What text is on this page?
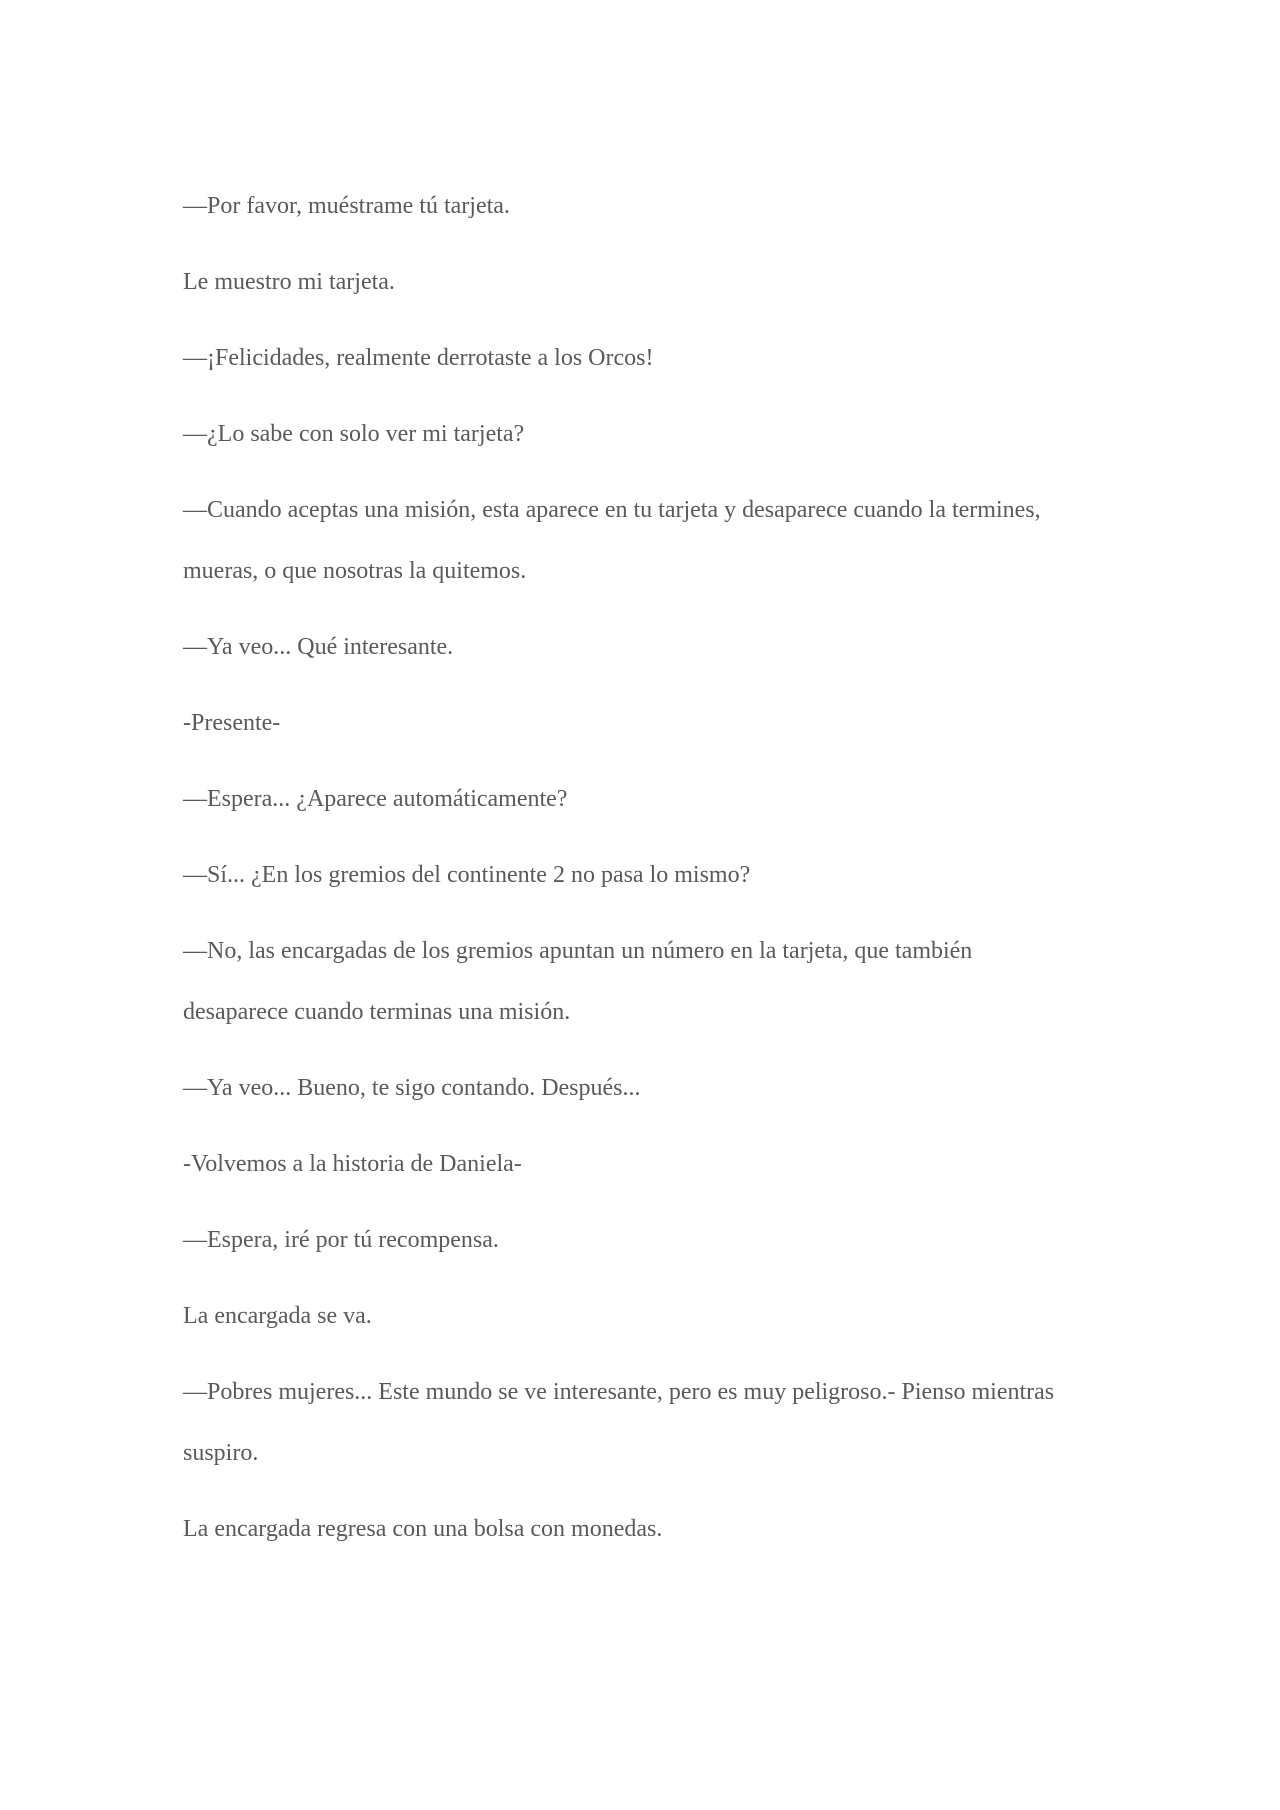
—Por favor, muéstrame tú tarjeta.

Le muestro mi tarjeta.

—¡Felicidades, realmente derrotaste a los Orcos!

—¿Lo sabe con solo ver mi tarjeta?

—Cuando aceptas una misión, esta aparece en tu tarjeta y desaparece cuando la termines, mueras, o que nosotras la quitemos.

—Ya veo... Qué interesante.

-Presente-

—Espera... ¿Aparece automáticamente?

—Sí... ¿En los gremios del continente 2 no pasa lo mismo?

—No, las encargadas de los gremios apuntan un número en la tarjeta, que también desaparece cuando terminas una misión.

—Ya veo... Bueno, te sigo contando. Después...

-Volvemos a la historia de Daniela-

—Espera, iré por tú recompensa.

La encargada se va.

—Pobres mujeres... Este mundo se ve interesante, pero es muy peligroso.- Pienso mientras suspiro.

La encargada regresa con una bolsa con monedas.
